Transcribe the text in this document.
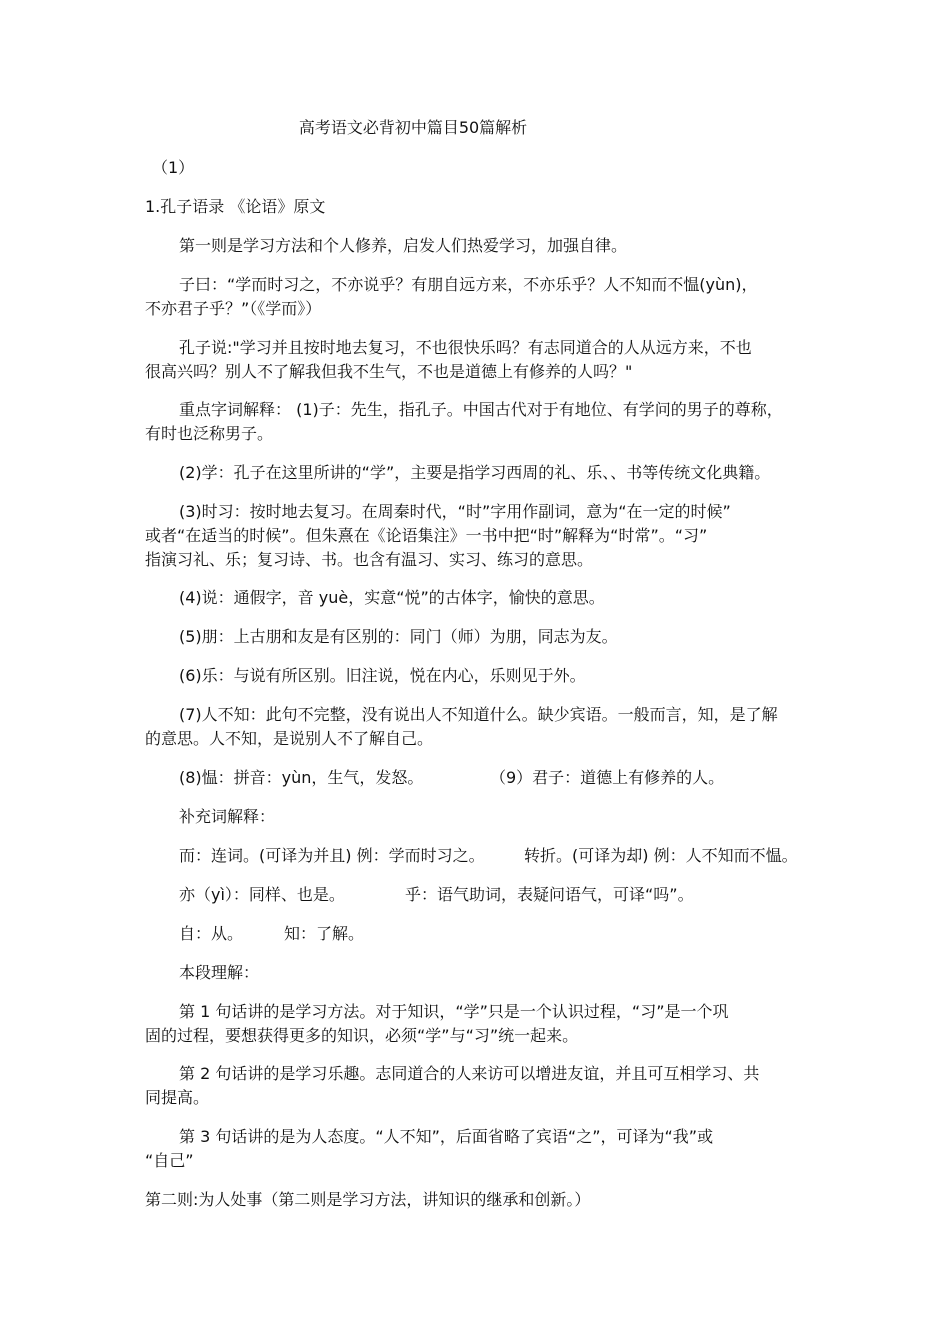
高考语文必背初中篇目50篇解析

（1）

1.孔子语录 《论语》原文

第一则是学习方法和个人修养，启发人们热爱学习，加强自律。

子曰：“学而时习之，不亦说乎？有朋自远方来，不亦乐乎？人不知而不愠(yùn)，

不亦君子乎？”（《学而》）

孔子说:"学习并且按时地去复习，不也很快乐吗？有志同道合的人从远方来，不也

很高兴吗？别人不了解我但我不生气，不也是道德上有修养的人吗？"

重点字词解释： (1)子：先生，指孔子。中国古代对于有地位、有学问的男子的尊称，

有时也泛称男子。

(2)学：孔子在这里所讲的“学”，主要是指学习西周的礼、乐、、书等传统文化典籍。

(3)时习：按时地去复习。在周秦时代，“时”字用作副词，意为“在一定的时候”

或者“在适当的时候”。但朱熹在《论语集注》一书中把“时”解释为“时常”。“习”

指演习礼、乐；复习诗、书。也含有温习、实习、练习的意思。

(4)说：通假字，音 yuè，实意“悦”的古体字，愉快的意思。

(5)朋：上古朋和友是有区别的：同门（师）为朋，同志为友。

(6)乐：与说有所区别。旧注说，悦在内心，乐则见于外。

(7)人不知：此句不完整，没有说出人不知道什么。缺少宾语。一般而言，知，是了解

的意思。人不知，是说别人不了解自己。

(8)愠：拼音：yùn，生气，发怒。	（9）君子：道德上有修养的人。

补充词解释：

而：连词。(可译为并且) 例：学而时习之。 转折。(可译为却) 例：人不知而不愠。

亦（yì）：同样、也是。	乎：语气助词，表疑问语气，可译“吗”。

自：从。	知：了解。

本段理解：

第 1 句话讲的是学习方法。对于知识，“学”只是一个认识过程，“习”是一个巩

固的过程，要想获得更多的知识，必须“学”与“习”统一起来。

第 2 句话讲的是学习乐趣。志同道合的人来访可以增进友谊，并且可互相学习、共

同提高。

第 3 句话讲的是为人态度。“人不知”，后面省略了宾语“之”，可译为“我”或

“自己”

第二则:为人处事（第二则是学习方法，讲知识的继承和创新。）
